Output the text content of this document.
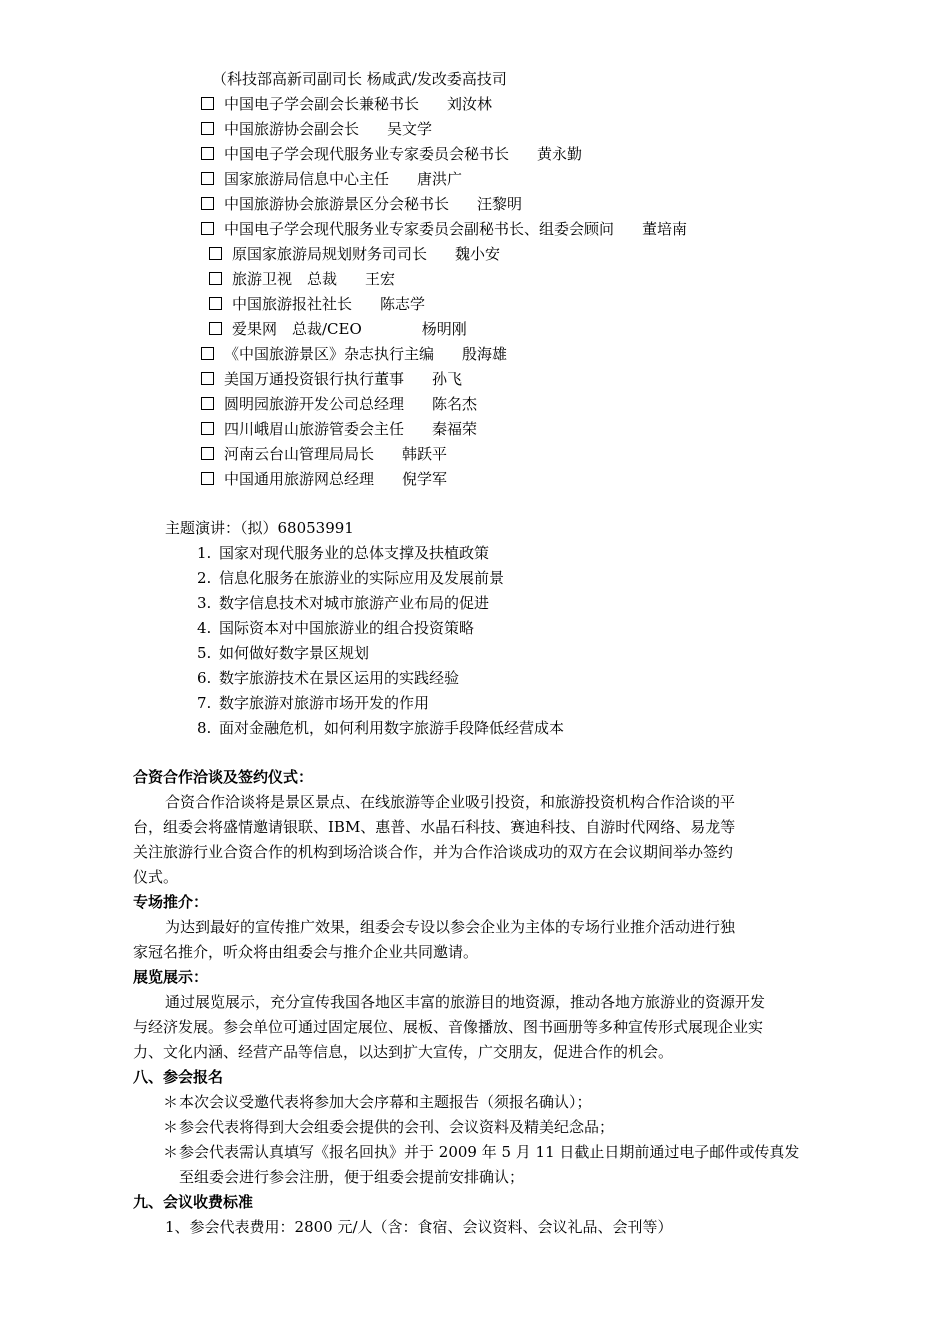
（科技部高新司副司长 杨咸武/发改委高技司
中国电子学会副会长兼秘书长 刘汝林
中国旅游协会副会长 吴文学
中国电子学会现代服务业专家委员会秘书长 黄永勤
国家旅游局信息中心主任 唐洪广
中国旅游协会旅游景区分会秘书长 汪黎明
中国电子学会现代服务业专家委员会副秘书长、组委会顾问 董培南
原国家旅游局规划财务司司长 魏小安
旅游卫视　总裁 王宏
中国旅游报社社长 陈志学
爱果网　总裁/CEO	杨明刚
《中国旅游景区》杂志执行主编 殷海雄
美国万通投资银行执行董事 孙飞
圆明园旅游开发公司总经理 陈名杰
四川峨眉山旅游管委会主任 秦福荣
河南云台山管理局局长 韩跃平
中国通用旅游网总经理 倪学军
主题演讲：（拟）68053991
1. 国家对现代服务业的总体支撑及扶植政策
2. 信息化服务在旅游业的实际应用及发展前景
3. 数字信息技术对城市旅游产业布局的促进
4. 国际资本对中国旅游业的组合投资策略
5. 如何做好数字景区规划
6. 数字旅游技术在景区运用的实践经验
7. 数字旅游对旅游市场开发的作用
8. 面对金融危机，如何利用数字旅游手段降低经营成本
合资合作洽谈及签约仪式：
合资合作洽谈将是景区景点、在线旅游等企业吸引投资，和旅游投资机构合作洽谈的平
台，组委会将盛情邀请银联、IBM、惠普、水晶石科技、赛迪科技、自游时代网络、易龙等
关注旅游行业合资合作的机构到场洽谈合作，并为合作洽谈成功的双方在会议期间举办签约
仪式。
专场推介：
为达到最好的宣传推广效果，组委会专设以参会企业为主体的专场行业推介活动进行独
家冠名推介，听众将由组委会与推介企业共同邀请。
展览展示：
通过展览展示，充分宣传我国各地区丰富的旅游目的地资源，推动各地方旅游业的资源开发
与经济发展。参会单位可通过固定展位、展板、音像播放、图书画册等多种宣传形式展现企业实
力、文化内涵、经营产品等信息，以达到扩大宣传，广交朋友，促进合作的机会。
八、参会报名
＊本次会议受邀代表将参加大会序幕和主题报告（须报名确认）；
＊参会代表将得到大会组委会提供的会刊、会议资料及精美纪念品；
＊参会代表需认真填写《报名回执》并于 2009 年 5 月 11 日截止日期前通过电子邮件或传真发
至组委会进行参会注册，便于组委会提前安排确认；
九、会议收费标准
1、参会代表费用：2800 元/人（含：食宿、会议资料、会议礼品、会刊等）
